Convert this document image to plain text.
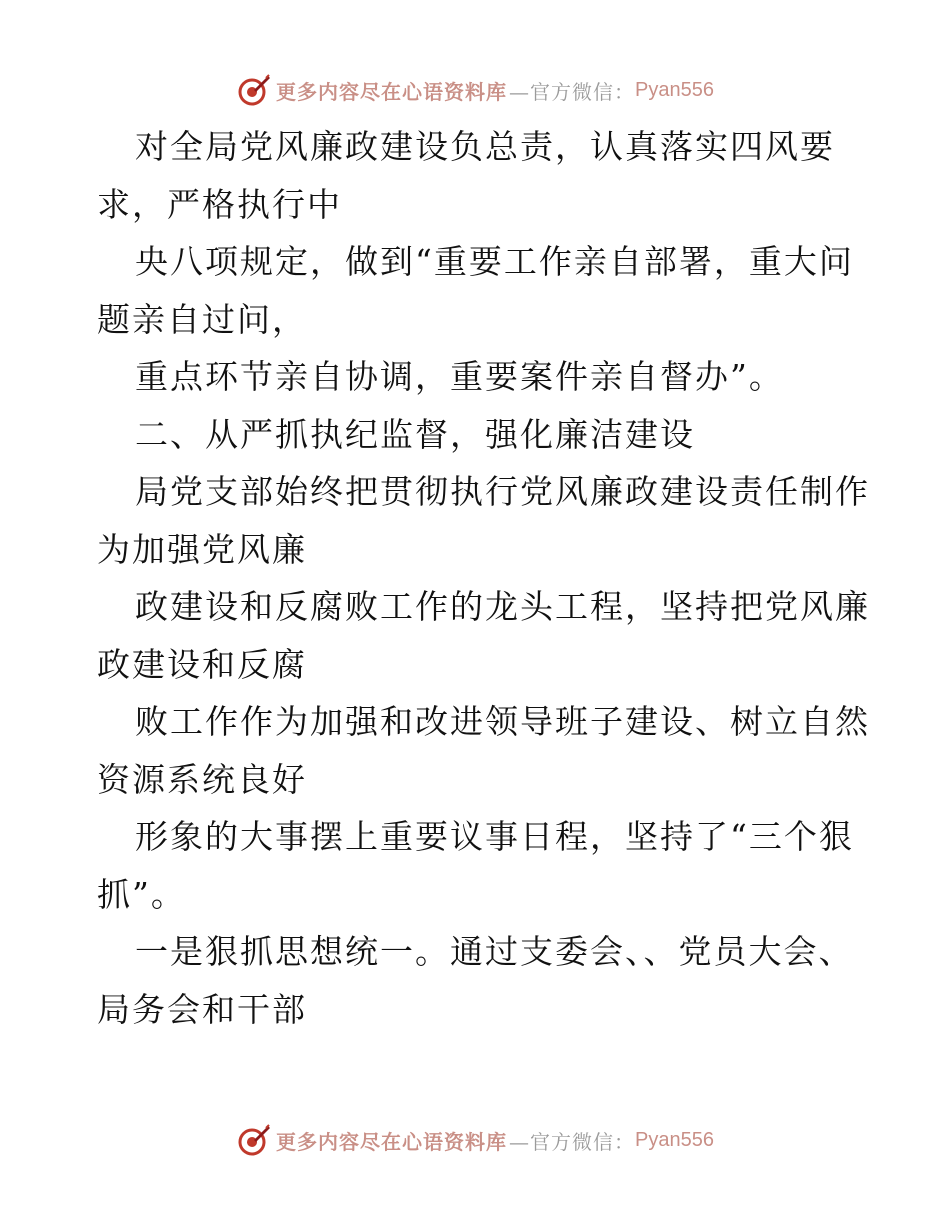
更多内容尽在心语资料库 —官方微信： Pyan556
对全局党风廉政建设负总责，认真落实四风要
求，严格执行中
央八项规定，做到“重要工作亲自部署，重大问
题亲自过问，
重点环节亲自协调，重要案件亲自督办”。
二、从严抓执纪监督，强化廉洁建设
局党支部始终把贯彻执行党风廉政建设责任制作
为加强党风廉
政建设和反腐败工作的龙头工程，坚持把党风廉
政建设和反腐
败工作作为加强和改进领导班子建设、树立自然
资源系统良好
形象的大事摆上重要议事日程，坚持了“三个狠
抓”。
一是狠抓思想统一。通过支委会、、党员大会、
局务会和干部
更多内容尽在心语资料库 —官方微信： Pyan556
